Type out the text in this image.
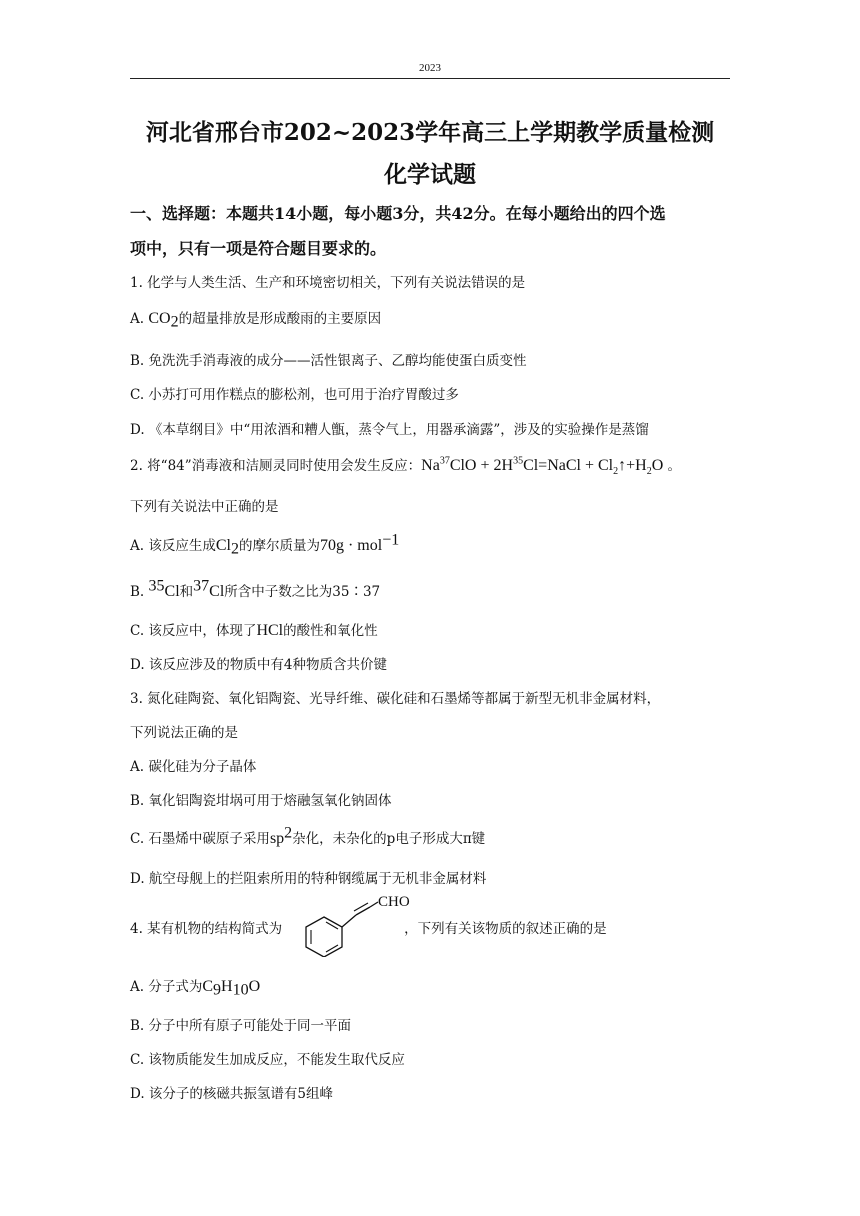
2023
河北省邢台市202~2023学年高三上学期教学质量检测
化学试题
一、选择题：本题共14小题，每小题3分，共42分。在每小题给出的四个选
项中，只有一项是符合题目要求的。
1. 化学与人类生活、生产和环境密切相关，下列有关说法错误的是
A. $CO_2$的超量排放是形成酸雨的主要原因
B. 免洗洗手消毒液的成分——活性银离子、乙醇均能使蛋白质变性
C. 小苏打可用作糕点的膨松剂，也可用于治疗胃酸过多
D. 《本草纲目》中“用浓酒和糟人甑，蒸令气上，用器承滴露”，涉及的实验操作是蒸馏
2. 将“84”消毒液和洁厕灵同时使用会发生反应：$Na^{37}ClO$ + $2H^{35}Cl=NaCl$ + $Cl_2↑+H_2O$ 。
下列有关说法中正确的是
A. 该反应生成$Cl_2$的摩尔质量为70g · mol$^{-1}$
B. $^{35}$Cl和$^{37}$Cl所含中子数之比为35∶37
C. 该反应中，体现了HCl的酸性和氧化性
D. 该反应涉及的物质中有4种物质含共价键
3. 氮化硅陶瓷、氧化铝陶瓷、光导纤维、碳化硅和石墨烯等都属于新型无机非金属材料，
下列说法正确的是
A. 碳化硅为分子晶体
B. 氧化铝陶瓷坩埚可用于熔融氢氧化钠固体
C. 石墨烯中碳原子采用$sp^2$杂化，未杂化的p电子形成大π键
D. 航空母舰上的拦阻索所用的特种钢缆属于无机非金属材料
4. 某有机物的结构简式为	，下列有关该物质的叙述正确的是
CHO
A. 分子式为$C_9H_{10}O$
B. 分子中所有原子可能处于同一平面
C. 该物质能发生加成反应，不能发生取代反应
D. 该分子的核磁共振氢谱有5组峰
